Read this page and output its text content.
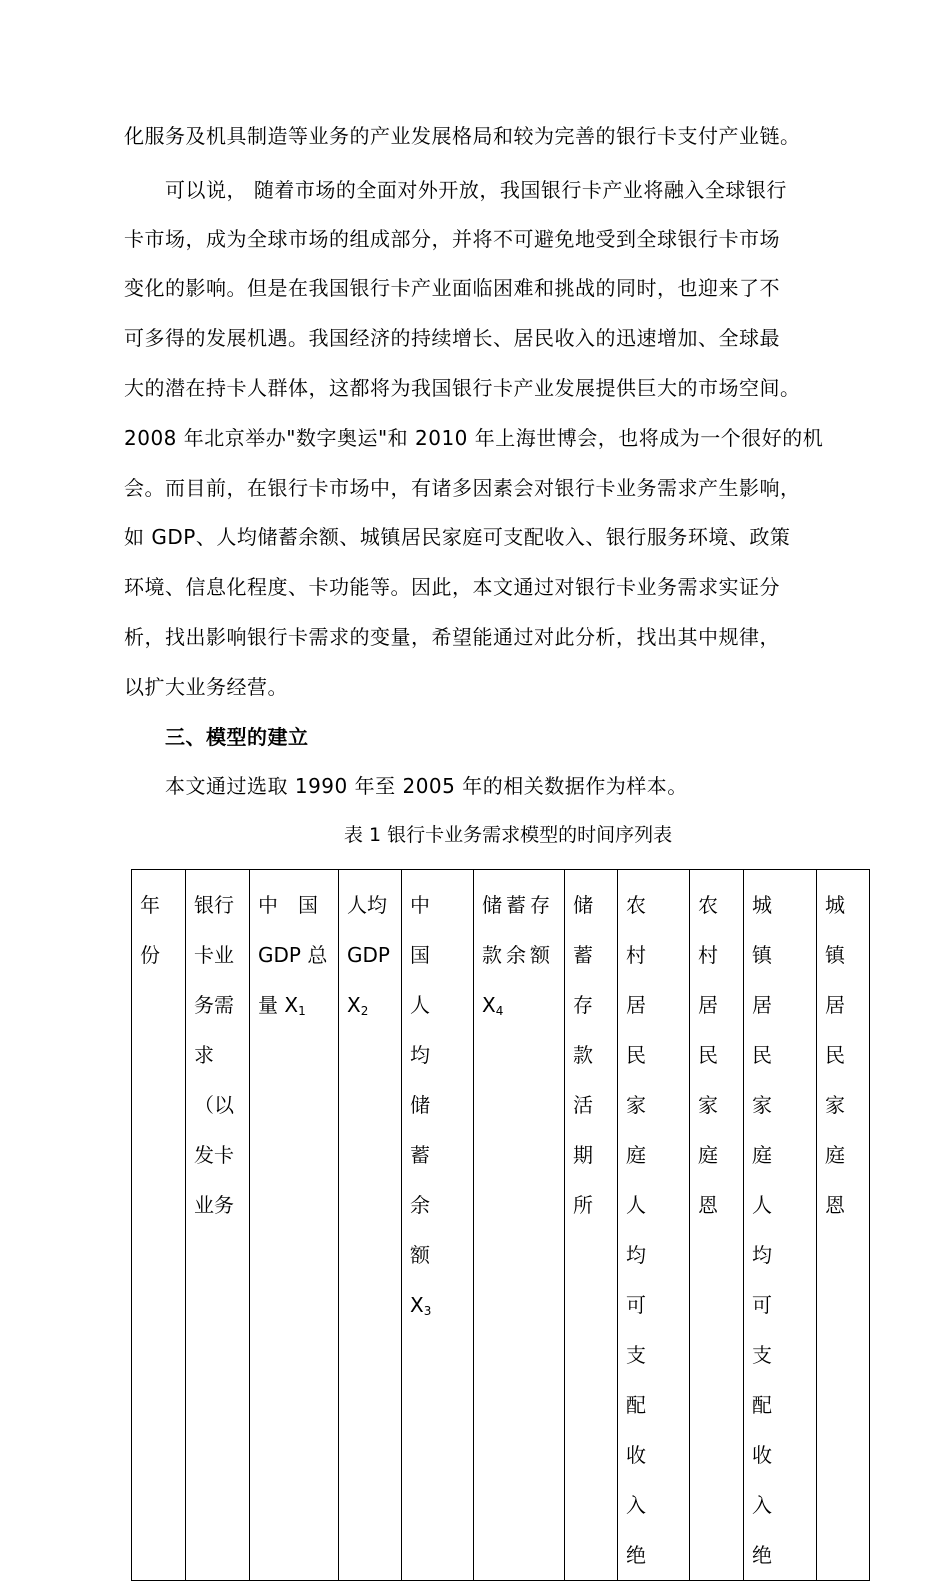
化服务及机具制造等业务的产业发展格局和较为完善的银行卡支付产业链。
　　可以说， 随着市场的全面对外开放，我国银行卡产业将融入全球银行
卡市场，成为全球市场的组成部分，并将不可避免地受到全球银行卡市场
变化的影响。但是在我国银行卡产业面临困难和挑战的同时，也迎来了不
可多得的发展机遇。我国经济的持续增长、居民收入的迅速增加、全球最
大的潜在持卡人群体，这都将为我国银行卡产业发展提供巨大的市场空间。
2008 年北京举办"数字奥运"和 2010 年上海世博会，也将成为一个很好的机
会。而目前，在银行卡市场中，有诸多因素会对银行卡业务需求产生影响，
如 GDP、人均储蓄余额、城镇居民家庭可支配收入、银行服务环境、政策
环境、信息化程度、卡功能等。因此，本文通过对银行卡业务需求实证分
析，找出影响银行卡需求的变量，希望能通过对此分析，找出其中规律，
以扩大业务经营。
　　三、模型的建立
　　本文通过选取 1990 年至 2005 年的相关数据作为样本。
表 1 银行卡业务需求模型的时间序列表
年
份

银行
卡业
务需
求
（以
发卡
业务

中　国
GDP 总
量 $X_1$

人均
GDP
$X_2$

中国
人均
储蓄
余额
$X_3$

储蓄存
款余额
$X_4$

储
蓄
存
款
活
期
所

农村
居民
家庭
人均
可支
配收
入绝

农
村
居
民
家
庭
恩

城镇
居民
家庭
人均
可支
配收
入绝

城
镇
居
民
家
庭
恩
